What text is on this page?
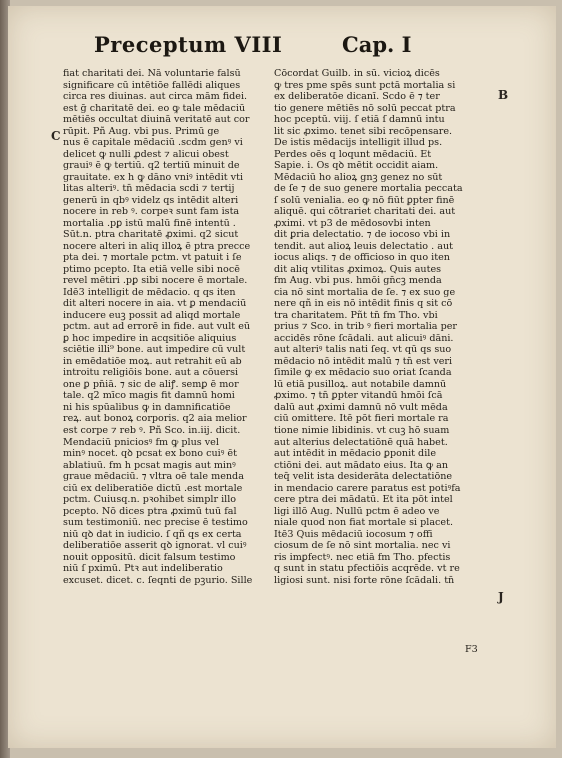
Preceptum VIII	Cap. I
fiat charitati dei. Nā voluntarie falsū
significare cū intētiōe fallēdi aliques
circa res diuinas. aut circa mām fidei.
est ḡ charitatē dei. eo ꝙ tale mēdaciū
mētiēs occultat diuinā veritatē aut cor
rūpit. Pñ Aug. vbi pus. Primū ge
nus ē capitale mēdaciū .scdm genꝰ vi
delicet ꝙ nulli ꝓdest ⁊ alicui obest
grauiꝰ ē ꝙ tertiū. q2 tertiū minuit de
grauitate. ex h ꝙ dāno vniꝰ intēdit vti
litas alteriꝰ. tn̄ mēdacia scdi ⁊ tertij
generū in qbꝰ videlz qs intēdit alteri
nocere in reb ꝰ. corpeꝛ sunt fam ista
mortalia .pꝑ istū malū finē intentū .
Sūt.n. ptra charitatē ꝓximi. q2 sicut
nocere alteri in aliq illoꝝ ē ptra precce
pta dei. ⁊ mortale pctm. vt patuit i ſe
ptimo pcepto. Ita etiā velle sibi nocē
revel mētiri .pꝑ sibi nocere ē mortale.
Idē3 intelligit de mēdacio. q qs iten
dit alteri nocere in aia. vt ꝑ mendaciū
inducere euꝫ possit ad aliqd mortale
pctm. aut ad errorē in fide. aut vult eū
ꝑ hoc impedire in acqsitiōe aliquius
sciētie illi⁹ bone. aut impedire cū vult
in emēdatiōe moꝝ. aut retrahit eū ab
introitu religiōis bone. aut a cōuersi
one ꝑ pn̄iā. ⁊ sic de aliꝭ. semꝑ ē mor
tale. q2 mīco magis fit damnū homi
ni his spūalibus ꝙ in damnificatiōe
reꝝ. aut bonoꝝ corporis. q2 aia melior
est corpe ⁊ reb ꝰ. Pñ Sco. in.iij. dicit.
Mendaciū pniciosꝰ fm ꝙ plus vel
minꝰ nocet. qꝺ pcsat ex bono cuiꝰ ēt
ablatiuū. fm h pcsat magis aut minꝰ
graue mēdaciū. ⁊ vltra oē tale menda
ciū ex deliberatiōe dictū .est mortale
pctm. Cuiusq.n. pꝛohibet simplr illo
pcepto. Nō dices ptra ꝓximū tuū fal
sum testimoniū. nec precise ē testimo
niū qꝺ dat in iudicio. ſ qñ qs ex certa
deliberatiōe asserit qꝺ ignorat. vl cuiꝰ
nouit oppositū. dicit falsum testimo
niū ſ pximū. Ptꝛ aut indeliberatio
excuset. dicet. c. ſeqnti de pꝫurio. Sille
Cōcordat Guilb. in sū. vicioꝝ dicēs
ꝙ tres pme spēs sunt pctā mortalia si
ex deliberatōe dicanī. Scdo ē ⁊ ter
tio genere mētiēs nō solū peccat ptra
hoc pceptū. viij. ſ etiā ſ damnū intu
lit sic ꝓximo. tenet sibi recōpensare.
De istis mēdacijs intelligit illud ps.
Perdes oēs q loqunt mēdaciū. Et
Sapie. i. Os qꝺ mētit occidit aiam.
Mēdaciū ho alioꝝ gnꝫ genez no sūt
de ſe ⁊ de suo genere mortalia peccata
ſ solū venialia. eo ꝙ nō fiūt ꝑpter finē
aliquē. qui cōtrariet charitati dei. aut
ꝓximi. vt p3 de mēdosovbi inten
dit ꝑria delectatio. ⁊ de iocoso vbi in
tendit. aut alioꝝ leuis delectatio . aut
iocus aliqs. ⁊ de officioso in quo iten
dit aliq vtilitas ꝓximoꝝ. Quis autes
fm Aug. vbi pus. hmōi gn̄cꝫ menda
cia nō sint mortalia de ſe. ⁊ ex suo ge
nere qñ in eis nō intēdit finis q sit cō
tra charitatem. Pñt tn̄ fm Tho. vbi
prius ⁊ Sco. in trib ꝰ fieri mortalia per
accidēs rōne ſcādali. aut alicuiꝰ dāni.
aut alteriꝰ talis nati ſeq. vt qū qs suo
mēdacio nō intēdit malū ⁊ tn̄ est veri
ſimile ꝙ ex mēdacio suo oriat ſcanda
lū etiā pusilloꝝ. aut notabile damnū
ꝓximo. ⁊ tn̄ ꝑpter vitandū hmōi ſcā
dalū aut ꝓximi damnū nō vult mēda
ciū omittere. Itē pōt fieri mortale ra
tione nimie libidinis. vt cuꝫ hō suam
aut alterius delectatiōnē quā habet.
aut intēdit in mēdacio ꝑponit dile
ctiōni dei. aut mādato eius. Ita ꝙ an
teq̄ velit ista desiderāta delectatiōne
in mendacio carere paratus est potiꝰfa
cere ptra dei mādatū. Et ita pōt intel
ligi illō Aug. Nullū pctm ē adeo ve
niale quod non fiat mortale si placet.
Itē3 Quis mēdaciū iocosum ⁊ offi
ciosum de ſe nō sint mortalia. nec vi
ris imꝑfectꝰ. nec etiā fm Tho. pfectis
q sunt in statu pfectiōis acqrēde. vt re
ligiosi sunt. nisi forte rōne ſcādali. tn̄
C
B
J
F3
